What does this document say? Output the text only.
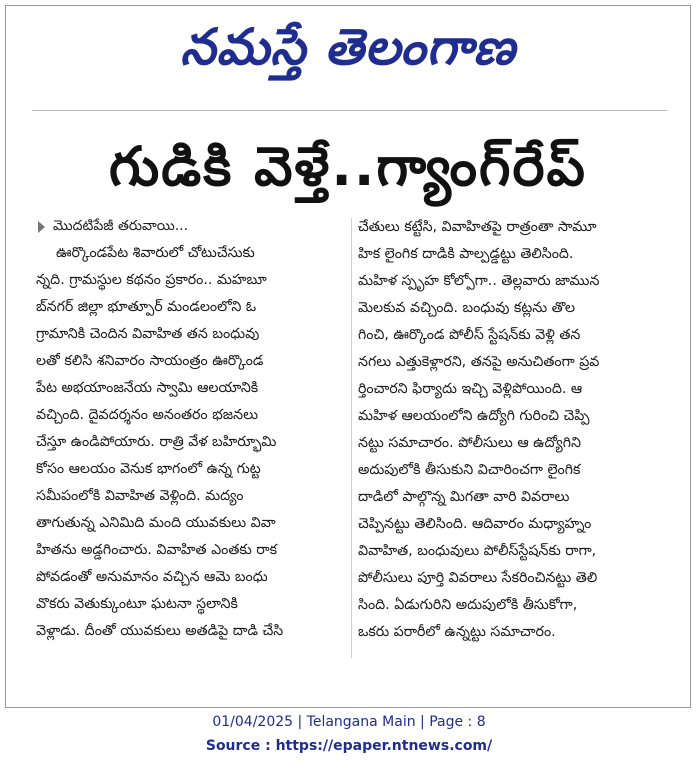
నమస్తే తెలంగాణ
గుడికి వెళ్తే..గ్యాంగ్‌రేప్
మొదటిపేజీ తరువాయి...
ఊర్కొండపేట శివారులో చోటుచేసుకు
న్నది. గ్రామస్థుల కథనం ప్రకారం.. మహబూ
బ్‌నగర్ జిల్లా భూత్పూర్ మండలంలోని ఓ
గ్రామానికి చెందిన వివాహిత తన బంధువు
లతో కలిసి శనివారం సాయంత్రం ఊర్కొండ
పేట అభయాంజనేయ స్వామి ఆలయానికి
వచ్చింది. దైవదర్శనం అనంతరం భజనలు
చేస్తూ ఉండిపోయారు. రాత్రి వేళ బహిర్భూమి
కోసం ఆలయం వెనుక భాగంలో ఉన్న గుట్ట
సమీపంలోకి వివాహిత వెళ్లింది. మద్యం
తాగుతున్న ఎనిమిది మంది యువకులు వివా
హితను అడ్డగించారు. వివాహిత ఎంతకు రాక
పోవడంతో అనుమానం వచ్చిన ఆమె బంధు
వొకరు వెతుక్కుంటూ ఘటనా స్థలానికి
వెళ్లాడు. దీంతో యువకులు అతడిపై దాడి చేసి
చేతులు కట్టేసి, వివాహితపై రాత్రంతా సామూ
హిక లైంగిక దాడికి పాల్పడ్డట్టు తెలిసింది.
మహిళ స్పృహ కోల్పోగా.. తెల్లవారు జామున
మెలకువ వచ్చింది. బంధువు కట్లను తొల
గించి, ఊర్కొండ పోలీస్ స్టేషన్‌కు వెళ్లి తన
నగలు ఎత్తుకెళ్లారని, తనపై అనుచితంగా ప్రవ
ర్తించారని ఫిర్యాదు ఇచ్చి వెళ్లిపోయింది. ఆ
మహిళ ఆలయంలోని ఉద్యోగి గురించి చెప్పి
నట్టు సమాచారం. పోలీసులు ఆ ఉద్యోగిని
అదుపులోకి తీసుకుని విచారించగా లైంగిక
దాడిలో పాల్గొన్న మిగతా వారి వివరాలు
చెప్పినట్టు తెలిసింది. ఆదివారం మధ్యాహ్నం
వివాహిత, బంధువులు పోలీస్‌స్టేషన్‌కు రాగా,
పోలీసులు పూర్తి వివరాలు సేకరించినట్టు తెలి
సింది. ఏడుగురిని అదుపులోకి తీసుకోగా,
ఒకరు పరారీలో ఉన్నట్టు సమాచారం.
01/04/2025 | Telangana Main | Page : 8
Source : https://epaper.ntnews.com/
